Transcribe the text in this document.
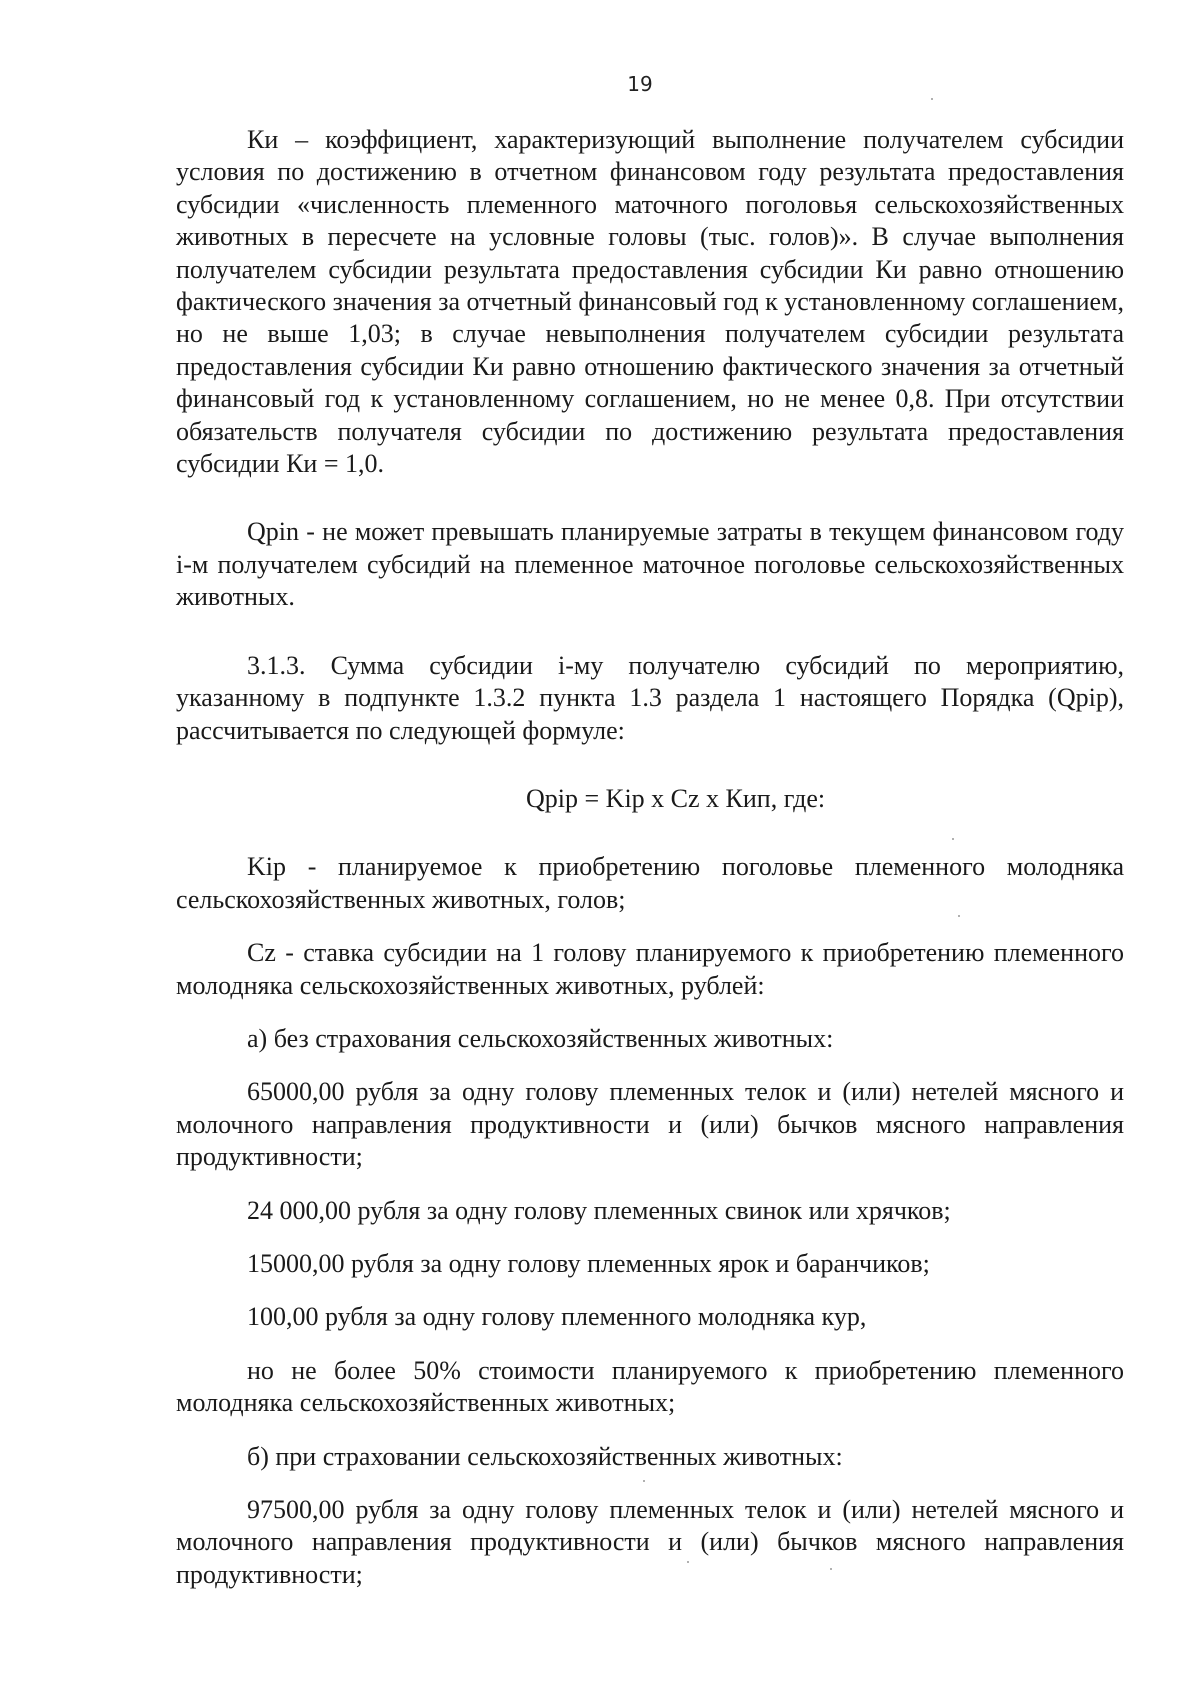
19

Ки – коэффициент, характеризующий выполнение получателем субсидии условия по достижению в отчетном финансовом году результата предоставления субсидии «численность племенного маточного поголовья сельскохозяйственных животных в пересчете на условные головы (тыс. голов)». В случае выполнения получателем субсидии результата предоставления субсидии Ки равно отношению фактического значения за отчетный финансовый год к установленному соглашением, но не выше 1,03; в случае невыполнения получателем субсидии результата предоставления субсидии Ки равно отношению фактического значения за отчетный финансовый год к установленному соглашением, но не менее 0,8. При отсутствии обязательств получателя субсидии по достижению результата предоставления субсидии Ки = 1,0.

Qpin - не может превышать планируемые затраты в текущем финансовом году i-м получателем субсидий на племенное маточное поголовье сельскохозяйственных животных.

3.1.3. Сумма субсидии i-му получателю субсидий по мероприятию, указанному в подпункте 1.3.2 пункта 1.3 раздела 1 настоящего Порядка (Qpip), рассчитывается по следующей формуле:

Qpip = Kip x Cz x Кип, где:

Kip - планируемое к приобретению поголовье племенного молодняка сельскохозяйственных животных, голов;

Cz - ставка субсидии на 1 голову планируемого к приобретению племенного молодняка сельскохозяйственных животных, рублей:

а) без страхования сельскохозяйственных животных:

65000,00 рубля за одну голову племенных телок и (или) нетелей мясного и молочного направления продуктивности и (или) бычков мясного направления продуктивности;

24 000,00 рубля за одну голову племенных свинок или хрячков;

15000,00 рубля за одну голову племенных ярок и баранчиков;

100,00 рубля за одну голову племенного молодняка кур,

но не более 50% стоимости планируемого к приобретению племенного молодняка сельскохозяйственных животных;

б) при страховании сельскохозяйственных животных:

97500,00 рубля за одну голову племенных телок и (или) нетелей мясного и молочного направления продуктивности и (или) бычков мясного направления продуктивности;
